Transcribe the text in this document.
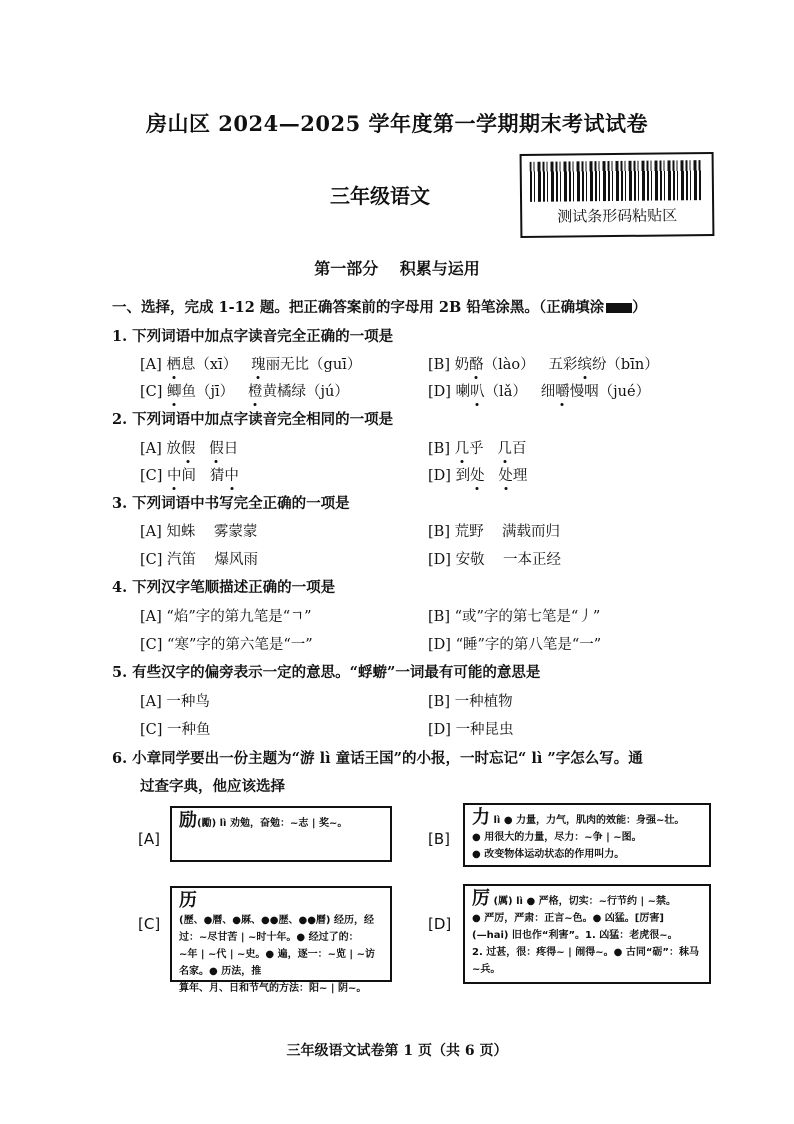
房山区 2024—2025 学年度第一学期期末考试试卷
三年级语文
测试条形码粘贴区
第一部分 积累与运用
一、选择，完成 1-12 题。把正确答案前的字母用 2B 铅笔涂黑。（正确填涂 ）
1. 下列词语中加点字读音完全正确的一项是
[A] 栖息（xī） 瑰丽无比（guī）	[B] 奶酪（lào） 五彩缤纷（bīn）
[C] 鲫鱼（jī） 橙黄橘绿（jú）	[D] 喇叭（lǎ） 细嚼慢咽（jué）
2. 下列词语中加点字读音完全相同的一项是
[A] 放假 假日	[B] 几乎 几百
[C] 中间 猜中	[D] 到处 处理
3. 下列词语中书写完全正确的一项是
[A] 知蛛 雾蒙蒙	[B] 荒野 满载而归
[C] 汽笛 爆风雨	[D] 安敬 一本正经
4. 下列汉字笔顺描述正确的一项是
[A] “焰”字的第九笔是“ㄱ”	[B] “或”字的第七笔是“丿”
[C] “寒”字的第六笔是“一”	[D] “睡”字的第八笔是“一”
5. 有些汉字的偏旁表示一定的意思。“蜉蝣”一词最有可能的意思是
[A] 一种鸟	[B] 一种植物
[C] 一种鱼	[D] 一种昆虫
6. 小章同学要出一份主题为“游 lì 童话王国”的小报，一时忘记“ lì ”字怎么写。通
过查字典，他应该选择
[A]
励(勵) lì 劝勉，奋勉：~志 | 奖~。
[B]
力 lì ● 力量，力气，肌肉的效能：身强~壮。
● 用很大的力量，尽力：~争 | ~图。
● 改变物体运动状态的作用叫力。
[C]
历
(歷、●曆、●厤、●●歴、●●曆) 经历，经过：~尽甘苦 | ~时十年。● 经过了的：
~年 | ~代 | ~史。● 遍，逐一：~览 | ~访名家。● 历法，推
算年、月、日和节气的方法：阳~ | 阴~。
[D]
厉 (厲) lì ● 严格，切实：~行节约 | ~禁。
● 严厉，严肃：正言~色。● 凶猛。[厉害]
(—hai) 旧也作“利害”。1. 凶猛：老虎很~。
2. 过甚，很：疼得~ | 闹得~。● 古同“砺”：秣马~兵。
三年级语文试卷第 1 页（共 6 页）
